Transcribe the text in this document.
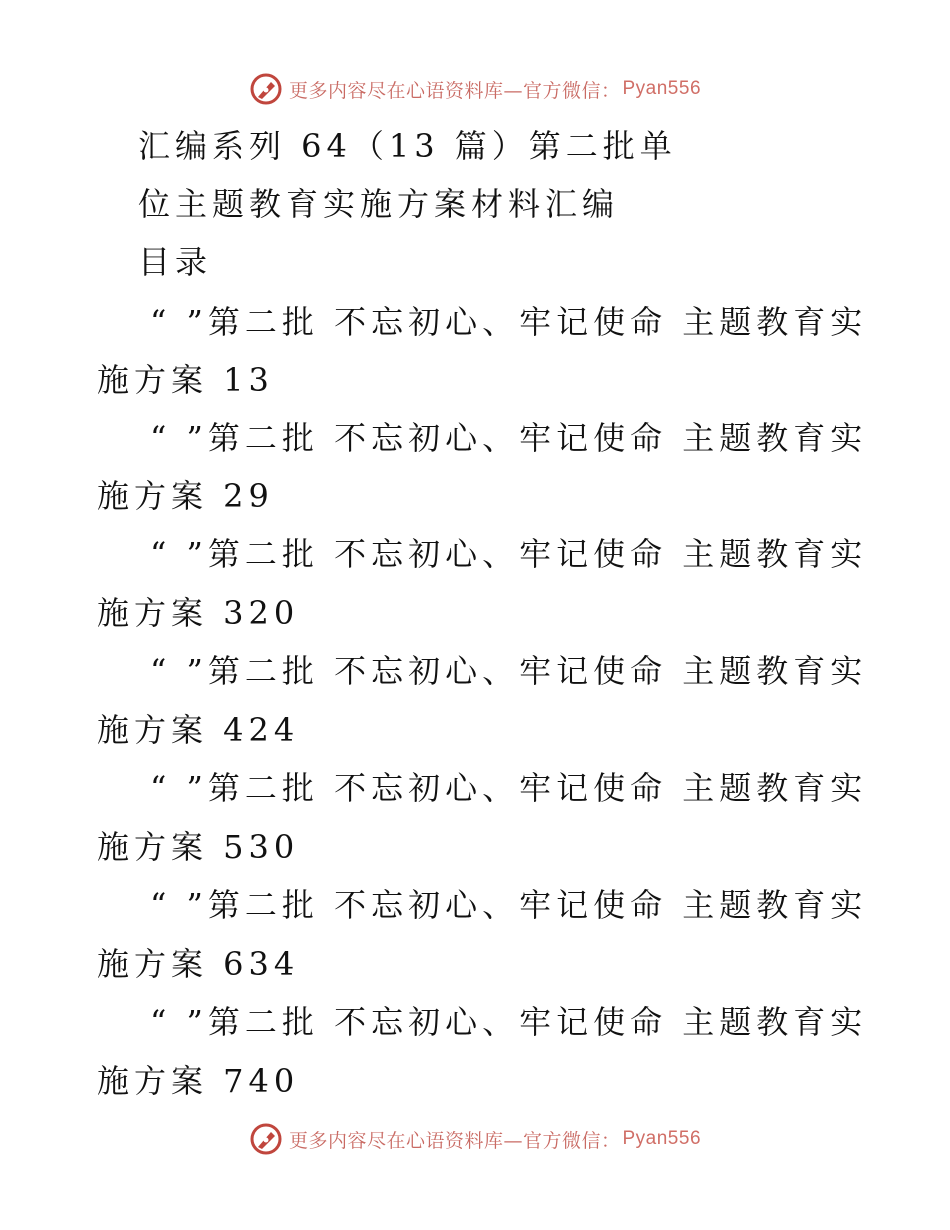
更多内容尽在心语资料库—官方微信： Pyan556
汇编系列 64（13 篇）第二批单
位主题教育实施方案材料汇编
目录
“ ”第二批 不忘初心、牢记使命 主题教育实
施方案 13
“ ”第二批 不忘初心、牢记使命 主题教育实
施方案 29
“ ”第二批 不忘初心、牢记使命 主题教育实
施方案 320
“ ”第二批 不忘初心、牢记使命 主题教育实
施方案 424
“ ”第二批 不忘初心、牢记使命 主题教育实
施方案 530
“ ”第二批 不忘初心、牢记使命 主题教育实
施方案 634
“ ”第二批 不忘初心、牢记使命 主题教育实
施方案 740
更多内容尽在心语资料库—官方微信： Pyan556
